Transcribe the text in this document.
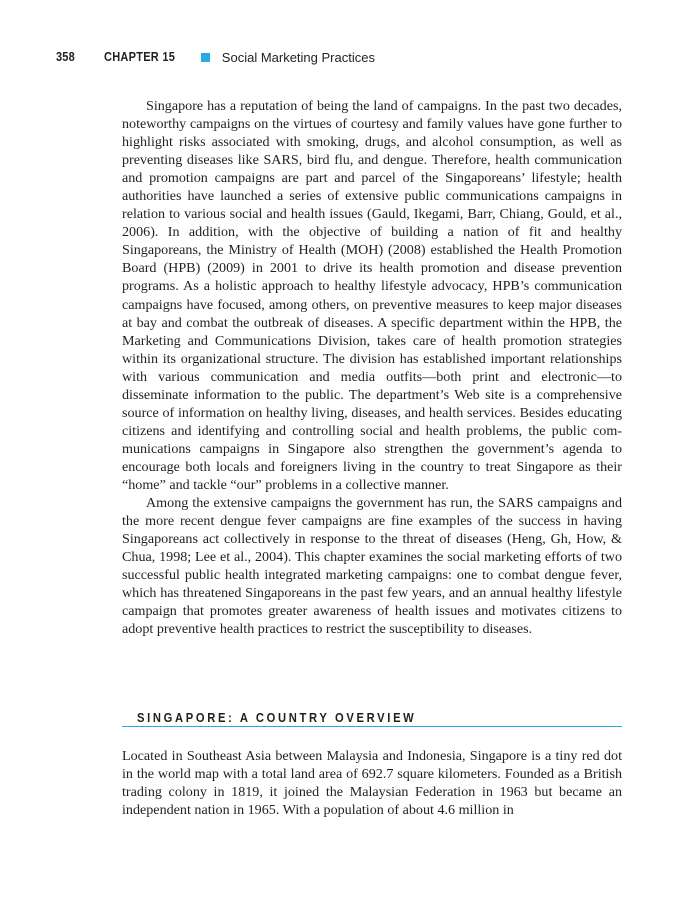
358	CHAPTER 15	Social Marketing Practices

Singapore has a reputation of being the land of campaigns. In the past two decades, noteworthy campaigns on the virtues of courtesy and family values have gone further to highlight risks associated with smoking, drugs, and alcohol consumption, as well as preventing diseases like SARS, bird flu, and dengue. Therefore, health communication and promotion campaigns are part and parcel of the Singaporeans’ lifestyle; health authorities have launched a series of extensive public communications campaigns in relation to various social and health issues (Gauld, Ikegami, Barr, Chiang, Gould, et al., 2006). In addition, with the objective of building a nation of fit and healthy Singaporeans, the Ministry of Health (MOH) (2008) established the Health Promotion Board (HPB) (2009) in 2001 to drive its health promotion and disease prevention programs. As a holistic approach to healthy lifestyle advocacy, HPB’s communication campaigns have focused, among others, on preventive measures to keep major diseases at bay and combat the outbreak of diseases. A specific department within the HPB, the Marketing and Communications Division, takes care of health promotion strategies within its organizational structure. The division has established important relationships with various communication and media outfits—both print and electronic—to disseminate information to the public. The department’s Web site is a comprehensive source of information on healthy living, diseases, and health services. Besides educating citizens and identifying and controlling social and health problems, the public communications campaigns in Singapore also strengthen the government’s agenda to encourage both locals and foreigners living in the country to treat Singapore as their “home” and tackle “our” problems in a collective manner.

Among the extensive campaigns the government has run, the SARS campaigns and the more recent dengue fever campaigns are fine examples of the success in having Singaporeans act collectively in response to the threat of diseases (Heng, Gh, How, & Chua, 1998; Lee et al., 2004). This chapter examines the social marketing efforts of two successful public health integrated marketing campaigns: one to combat dengue fever, which has threatened Singaporeans in the past few years, and an annual healthy lifestyle campaign that promotes greater awareness of health issues and motivates citizens to adopt preventive health practices to restrict the susceptibility to diseases.

SINGAPORE: A COUNTRY OVERVIEW

Located in Southeast Asia between Malaysia and Indonesia, Singapore is a tiny red dot in the world map with a total land area of 692.7 square kilometers. Founded as a British trading colony in 1819, it joined the Malaysian Federation in 1963 but became an independent nation in 1965. With a population of about 4.6 million in
